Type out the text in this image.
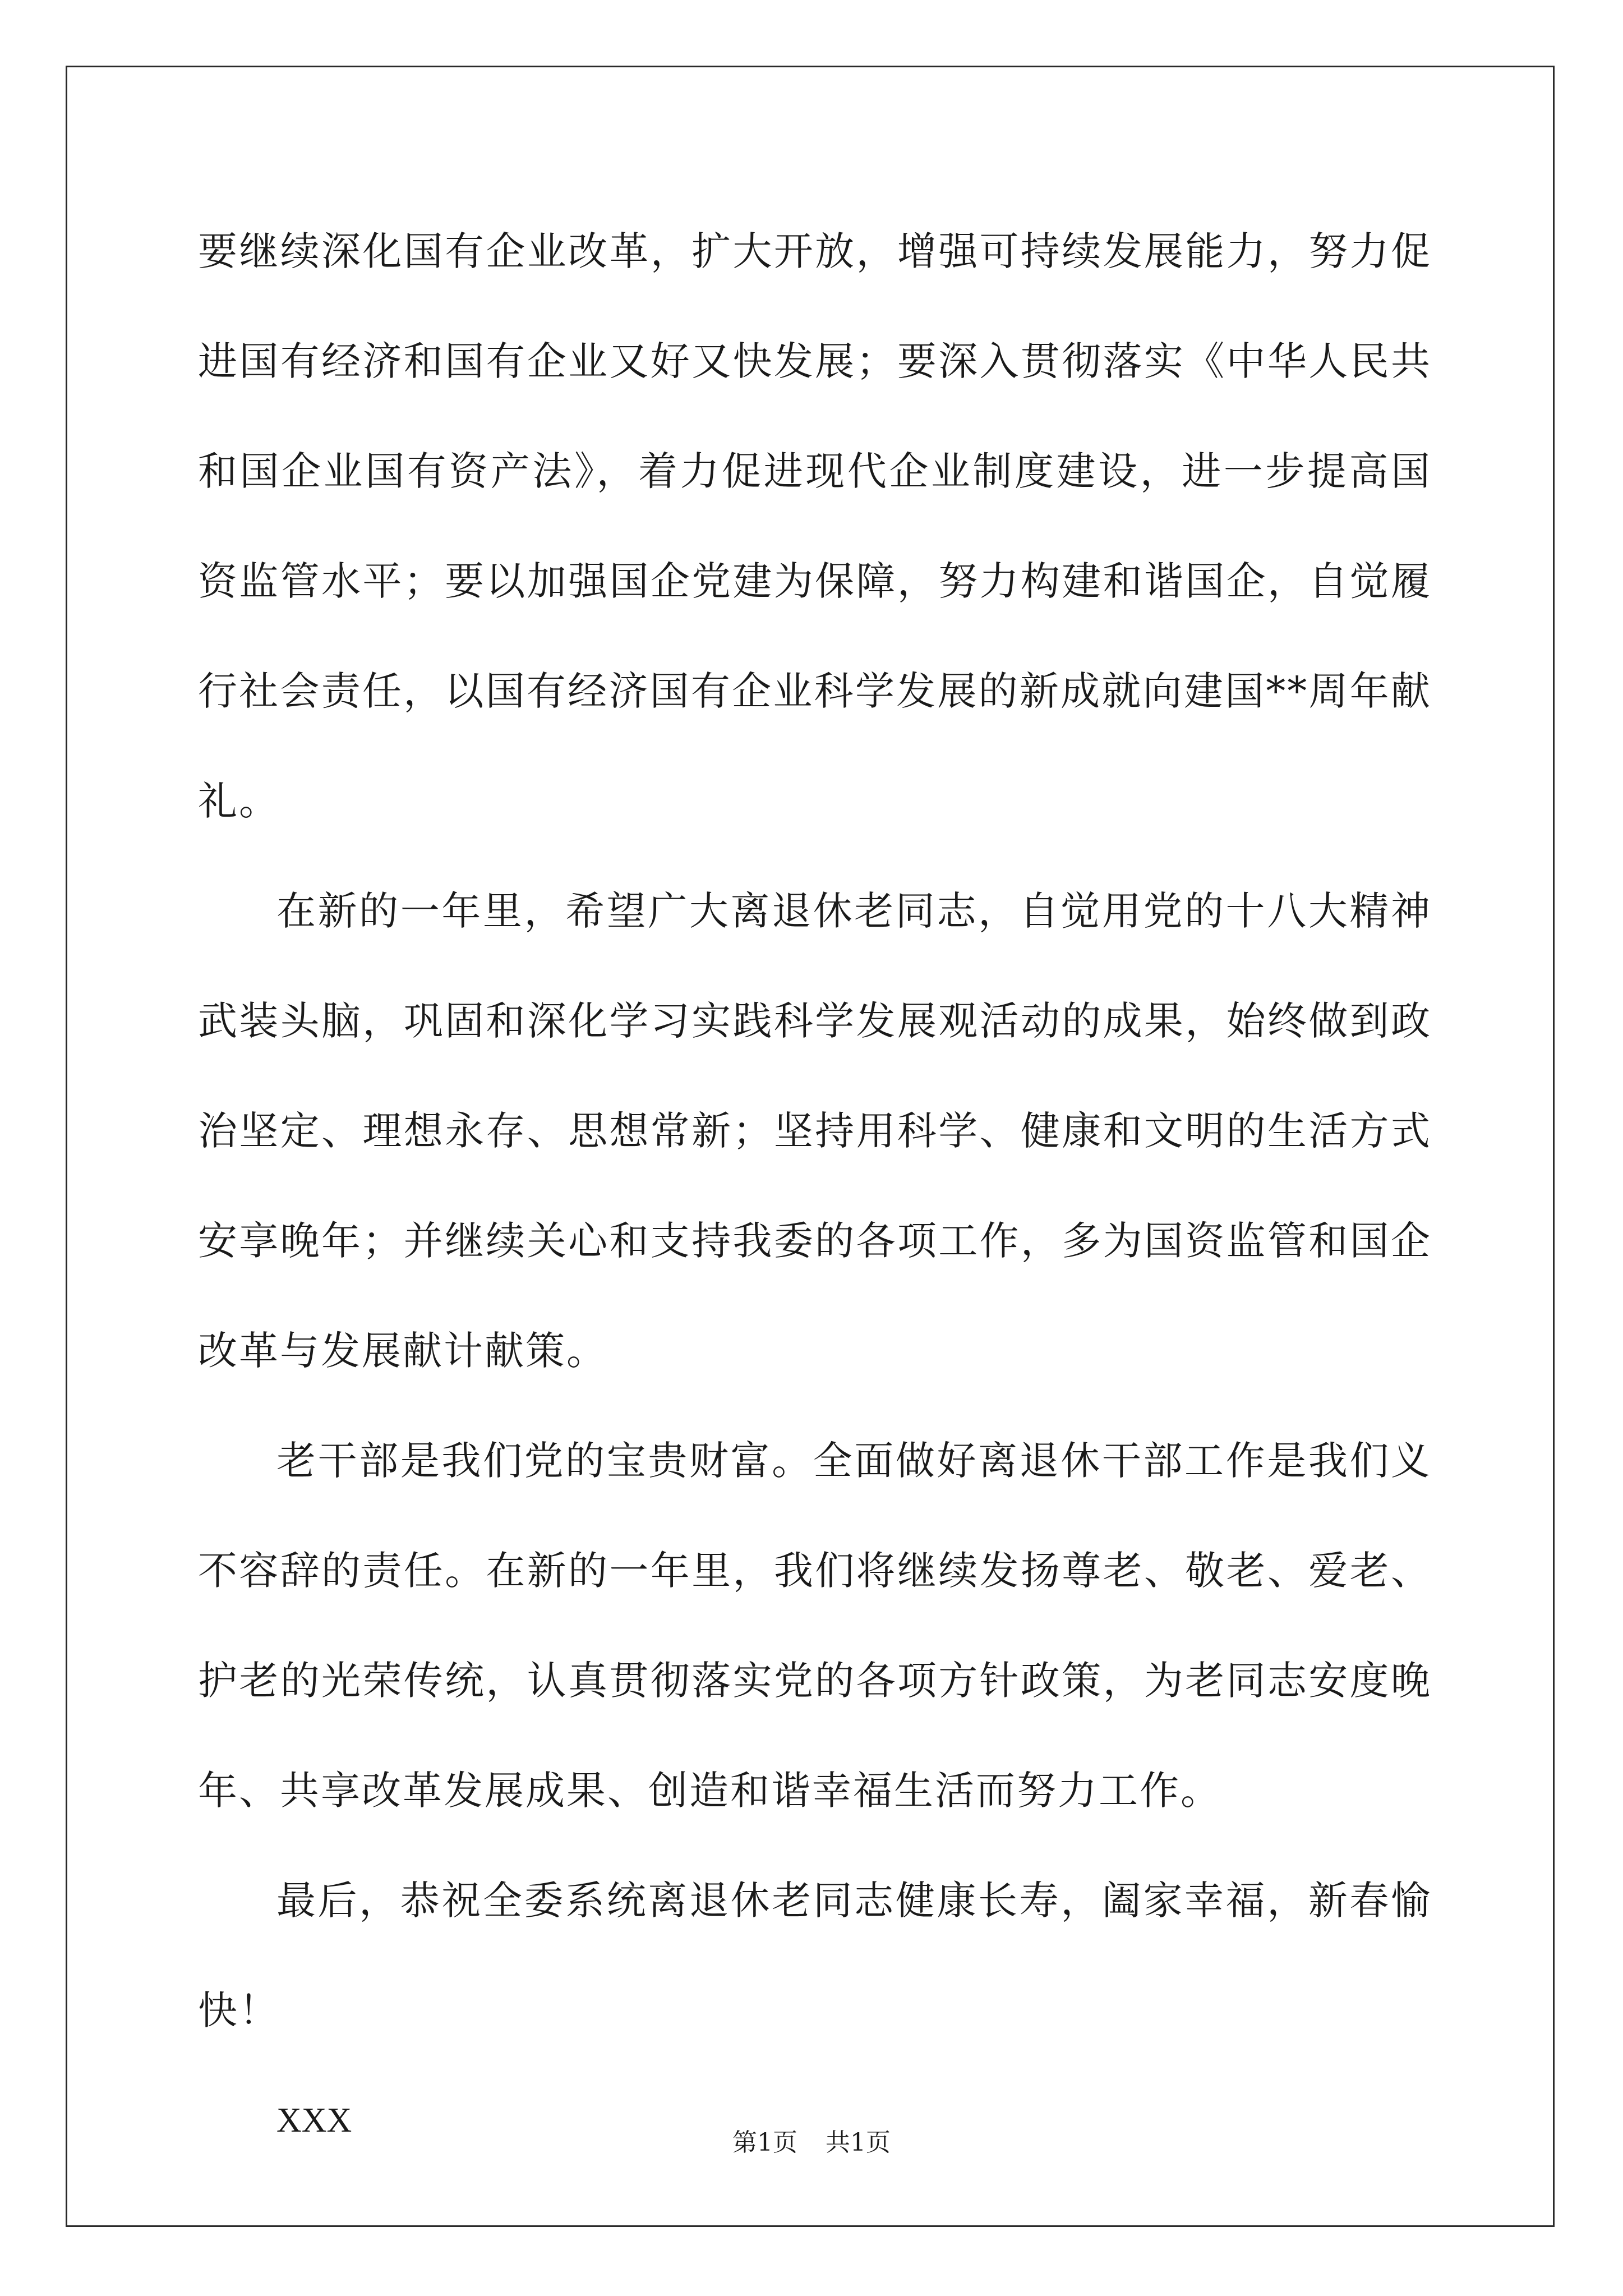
要继续深化国有企业改革，扩大开放，增强可持续发展能力，努力促进国有经济和国有企业又好又快发展；要深入贯彻落实《中华人民共和国企业国有资产法》，着力促进现代企业制度建设，进一步提高国资监管水平；要以加强国企党建为保障，努力构建和谐国企，自觉履行社会责任，以国有经济国有企业科学发展的新成就向建国**周年献礼。

在新的一年里，希望广大离退休老同志，自觉用党的十八大精神武装头脑，巩固和深化学习实践科学发展观活动的成果，始终做到政治坚定、理想永存、思想常新；坚持用科学、健康和文明的生活方式安享晚年；并继续关心和支持我委的各项工作，多为国资监管和国企改革与发展献计献策。

老干部是我们党的宝贵财富。全面做好离退休干部工作是我们义不容辞的责任。在新的一年里，我们将继续发扬尊老、敬老、爱老、护老的光荣传统，认真贯彻落实党的各项方针政策，为老同志安度晚年、共享改革发展成果、创造和谐幸福生活而努力工作。

最后，恭祝全委系统离退休老同志健康长寿，阖家幸福，新春愉快！

XXX

第1页 共1页
